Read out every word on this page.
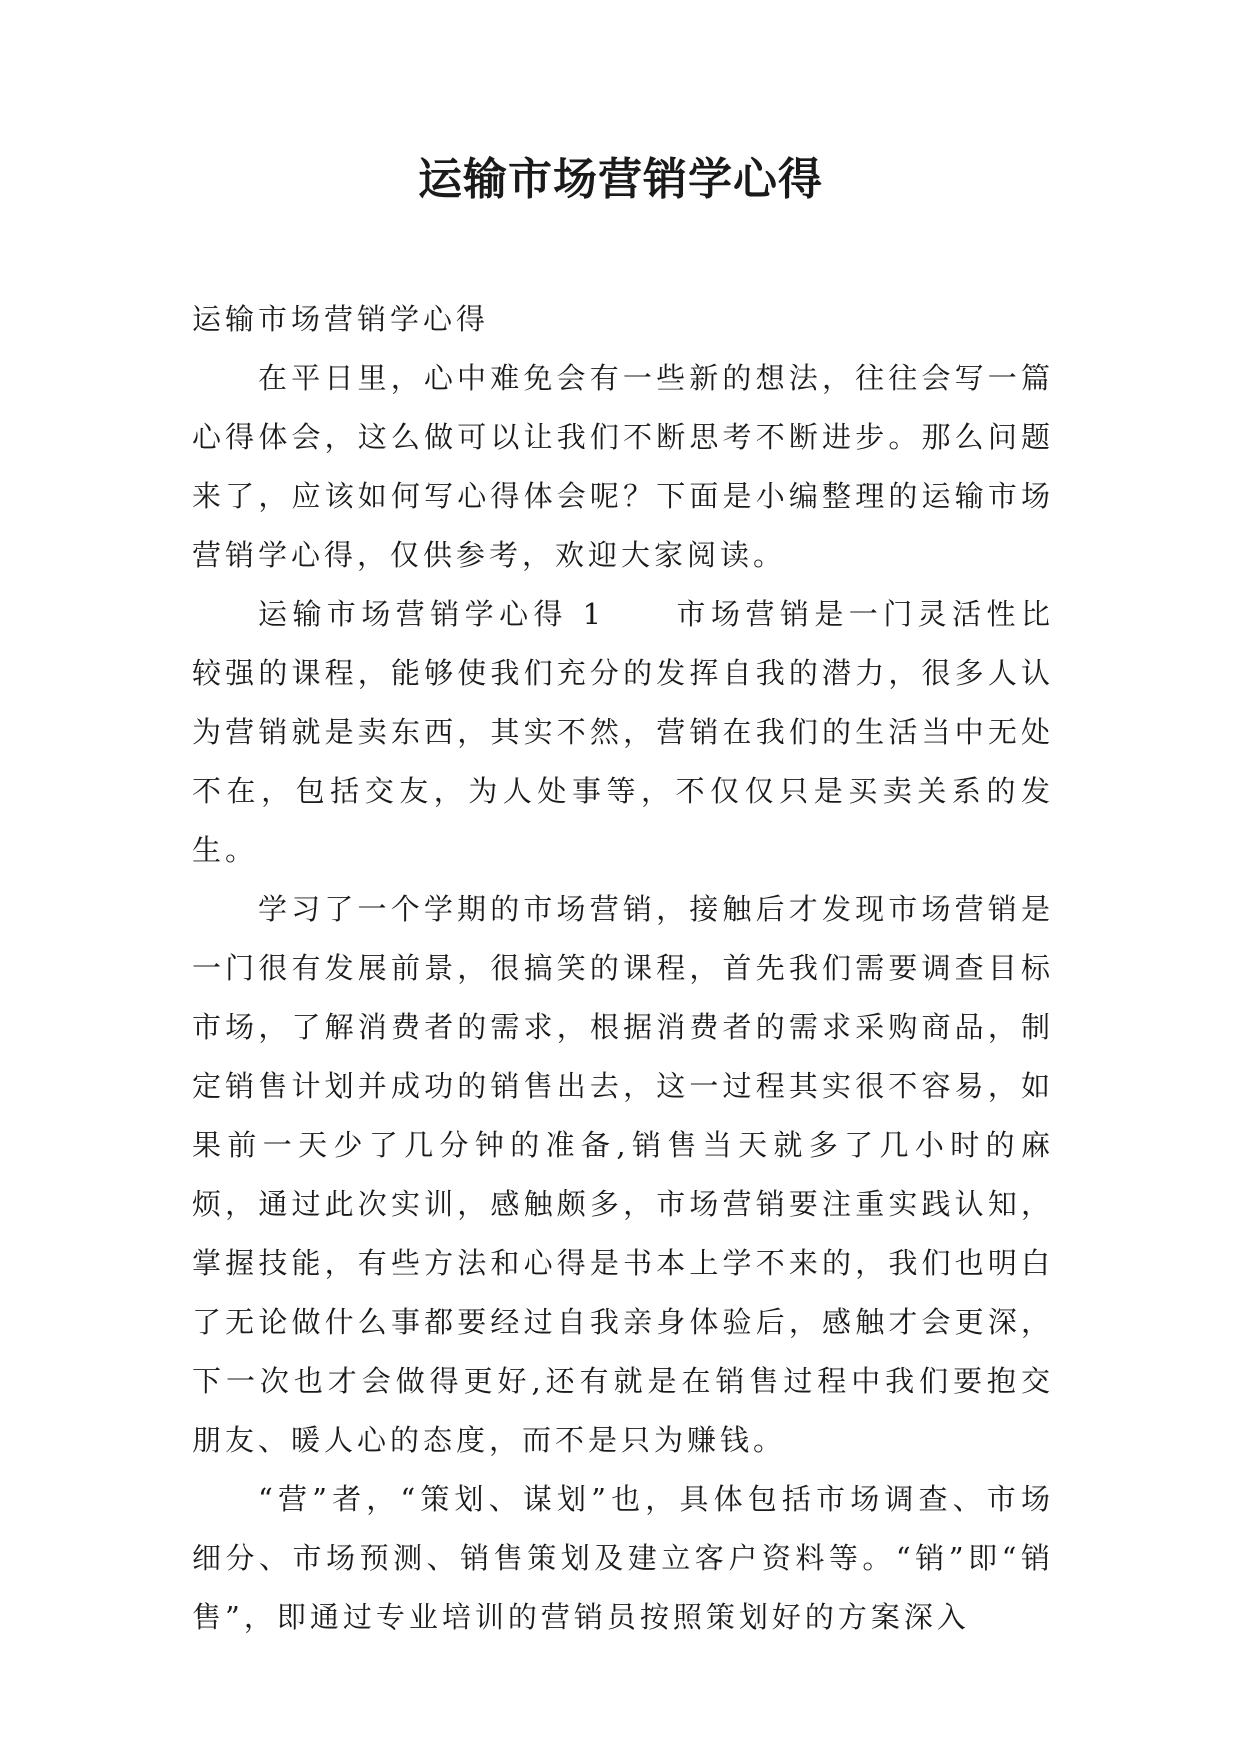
运输市场营销学心得

运输市场营销学心得

在平日里，心中难免会有一些新的想法，往往会写一篇心得体会，这么做可以让我们不断思考不断进步。那么问题来了，应该如何写心得体会呢？下面是小编整理的运输市场营销学心得，仅供参考，欢迎大家阅读。

运输市场营销学心得 1 市场营销是一门灵活性比较强的课程，能够使我们充分的发挥自我的潜力，很多人认为营销就是卖东西，其实不然，营销在我们的生活当中无处不在，包括交友，为人处事等，不仅仅只是买卖关系的发生。

学习了一个学期的市场营销，接触后才发现市场营销是一门很有发展前景，很搞笑的课程，首先我们需要调查目标市场，了解消费者的需求，根据消费者的需求采购商品，制定销售计划并成功的销售出去，这一过程其实很不容易，如果前一天少了几分钟的准备,销售当天就多了几小时的麻烦，通过此次实训，感触颇多，市场营销要注重实践认知，掌握技能，有些方法和心得是书本上学不来的，我们也明白了无论做什么事都要经过自我亲身体验后，感触才会更深，下一次也才会做得更好,还有就是在销售过程中我们要抱交朋友、暖人心的态度，而不是只为赚钱。

“营”者，“策划、谋划”也，具体包括市场调查、市场细分、市场预测、销售策划及建立客户资料等。“销”即“销售”，即通过专业培训的营销员按照策划好的方案深入
